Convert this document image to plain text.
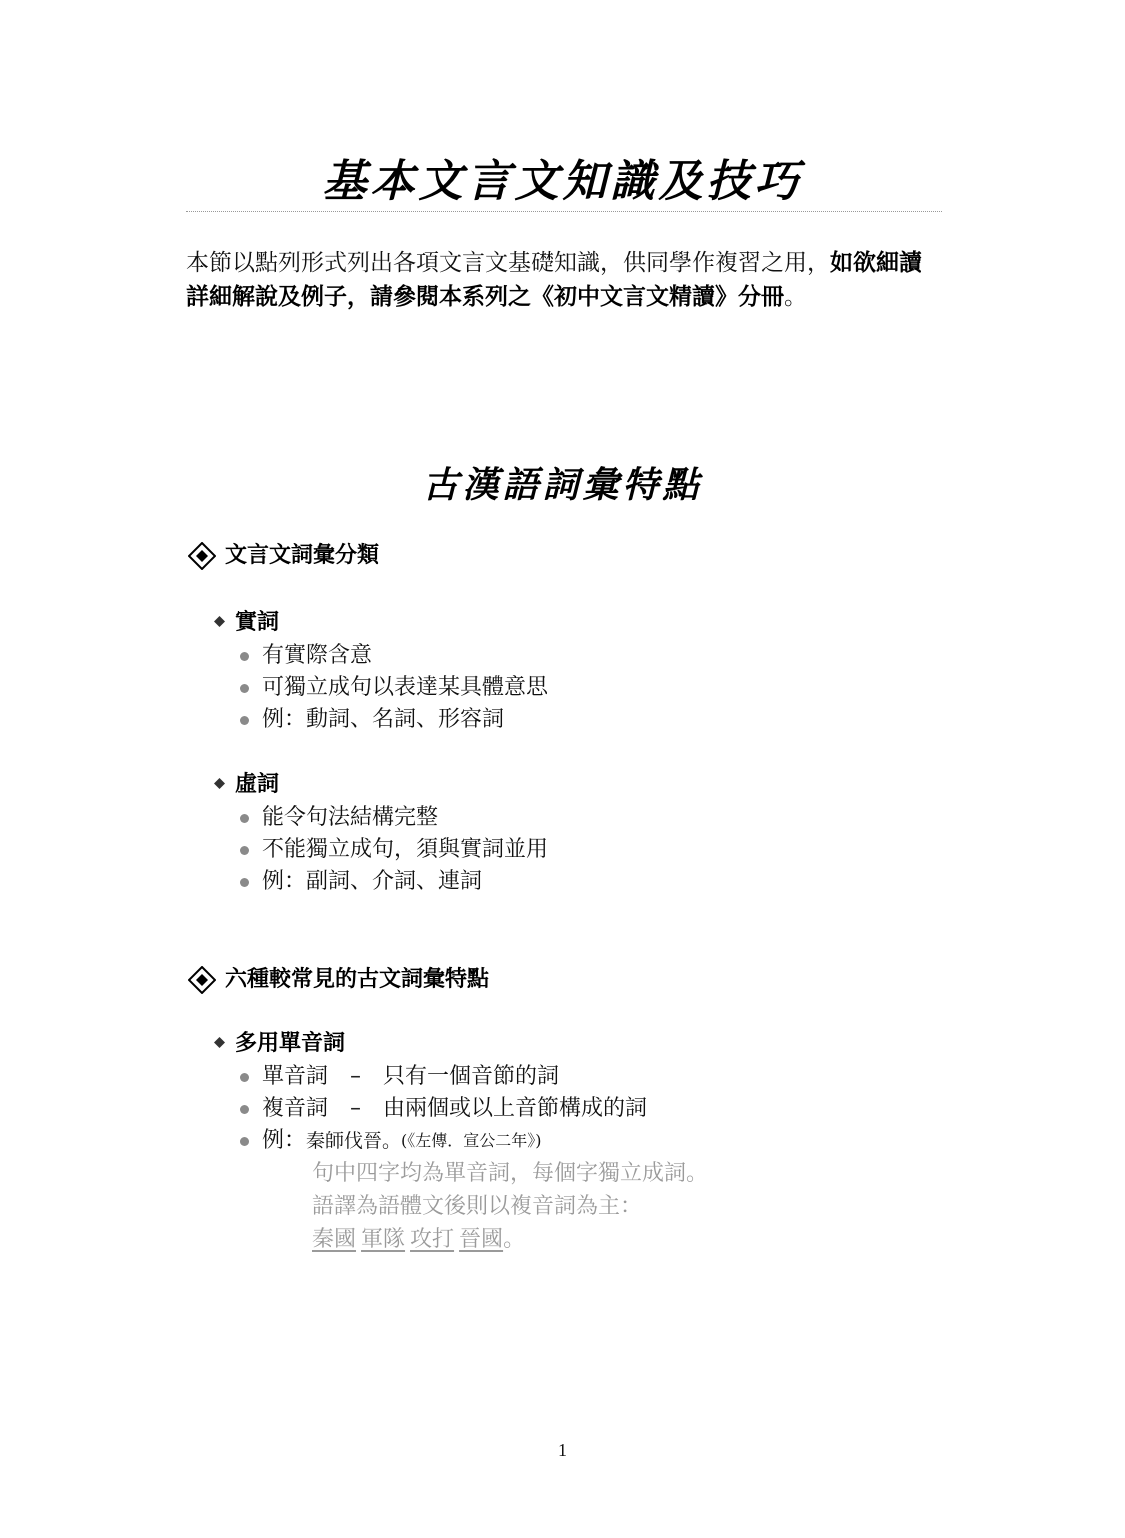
基本文言文知識及技巧
本節以點列形式列出各項文言文基礎知識，供同學作複習之用，如欲細讀詳細解說及例子，請參閱本系列之《初中文言文精讀》分冊。
古漢語詞彙特點
文言文詞彙分類
實詞
有實際含意
可獨立成句以表達某具體意思
例：動詞、名詞、形容詞
虛詞
能令句法結構完整
不能獨立成句，須與實詞並用
例：副詞、介詞、連詞
六種較常見的古文詞彙特點
多用單音詞
單音詞 – 只有一個音節的詞
複音詞 – 由兩個或以上音節構成的詞
例： 秦師伐晉。 (《左傳．宣公二年》)
句中四字均為單音詞，每個字獨立成詞。
語譯為語體文後則以複音詞為主：
秦國 軍隊 攻打 晉國。
1
